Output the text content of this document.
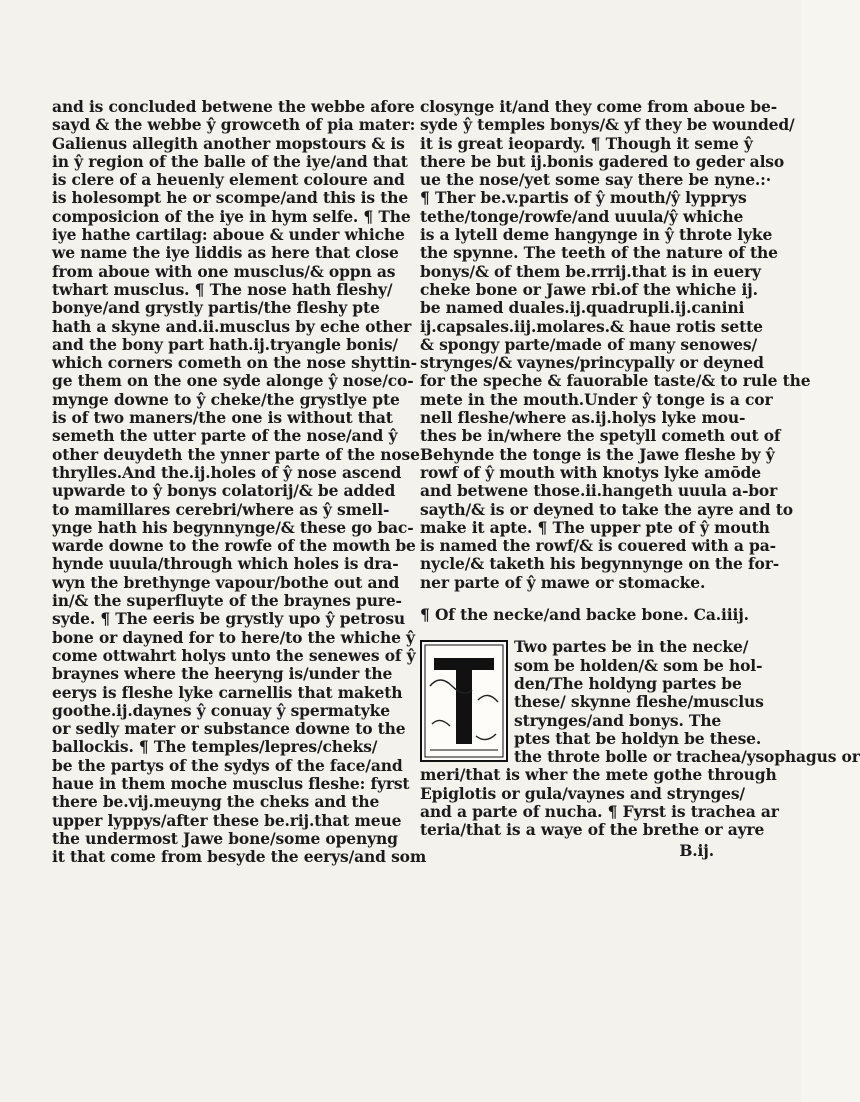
and is concluded betwene the webbe afore
sayd & the webbe ŷ growceth of pia mater:
Galienus allegith another mopstours & is
in ŷ region of the balle of the iye/and that
is clere of a heuenly element coloure and
is holesompt he or scompe/and this is the
composicion of the iye in hym selfe. ¶ The
iye hathe cartilag: aboue & under whiche
we name the iye liddis as here that close
from aboue with one musclus/& oppn as
twhart musclus. ¶ The nose hath fleshy/
bonye/and grystly partis/the fleshy pte
hath a skyne and.ii.musclus by eche other
and the bony part hath.ij.tryangle bonis/
which corners cometh on the nose shyttin-
ge them on the one syde alonge ŷ nose/co-
mynge downe to ŷ cheke/the grystlye pte
is of two maners/the one is without that
semeth the utter parte of the nose/and ŷ
other deuydeth the ynner parte of the nose
thrylles.And the.ij.holes of ŷ nose ascend
upwarde to ŷ bonys colatorij/& be added
to mamillares cerebri/where as ŷ smell-
ynge hath his begynnynge/& these go bac-
warde downe to the rowfe of the mowth be
hynde uuula/through which holes is dra-
wyn the brethynge vapour/bothe out and
in/& the superfluyte of the braynes pure-
syde. ¶ The eeris be grystly upo ŷ petrosu
bone or dayned for to here/to the whiche ŷ
come ottwahrt holys unto the senewes of ŷ
braynes where the heeryng is/under the
eerys is fleshe lyke carnellis that maketh
goothe.ij.daynes ŷ conuay ŷ spermatyke
or sedly mater or substance downe to the
ballockis. ¶ The temples/lepres/cheks/
be the partys of the sydys of the face/and
haue in them moche musclus fleshe: fyrst
there be.vij.meuyng the cheks and the
upper lyppys/after these be.rij.that meue
the undermost Jawe bone/some openyng
it that come from besyde the eerys/and som
closynge it/and they come from aboue be-
syde ŷ temples bonys/& yf they be wounded/
it is great ieopardy. ¶ Though it seme ŷ
there be but ij.bonis gadered to geder also
ue the nose/yet some say there be nyne.:·
¶ Ther be.v.partis of ŷ mouth/ŷ lypprys
tethe/tonge/rowfe/and uuula/ŷ whiche
is a lytell deme hangynge in ŷ throte lyke
the spynne. The teeth of the nature of the
bonys/& of them be.rrrij.that is in euery
cheke bone or Jawe rbi.of the whiche ij.
be named duales.ij.quadrupli.ij.canini
ij.capsales.iij.molares.& haue rotis sette
& spongy parte/made of many senowes/
strynges/& vaynes/princypally or deyned
for the speche & fauorable taste/& to rule the
mete in the mouth.Under ŷ tonge is a cor
nell fleshe/where as.ij.holys lyke mou-
thes be in/where the spetyll cometh out of
Behynde the tonge is the Jawe fleshe by ŷ
rowf of ŷ mouth with knotys lyke amōde
and betwene those.ii.hangeth uuula a-bor
sayth/& is or deyned to take the ayre and to
make it apte. ¶ The upper pte of ŷ mouth
is named the rowf/& is couered with a pa-
nycle/& taketh his begynnynge on the for-
ner parte of ŷ mawe or stomacke.
¶ Of the necke/and backe bone. Ca.iiij.
Two partes be in the necke/
som be holden/& som be hol-
den/The holdyng partes be
these/ skynne fleshe/musclus
strynges/and bonys. The
ptes that be holdyn be these.
the throte bolle or trachea/ysophagus or
meri/that is wher the mete gothe through
Epiglotis or gula/vaynes and strynges/
and a parte of nucha. ¶ Fyrst is trachea ar
teria/that is a waye of the brethe or ayre
B.ij.
